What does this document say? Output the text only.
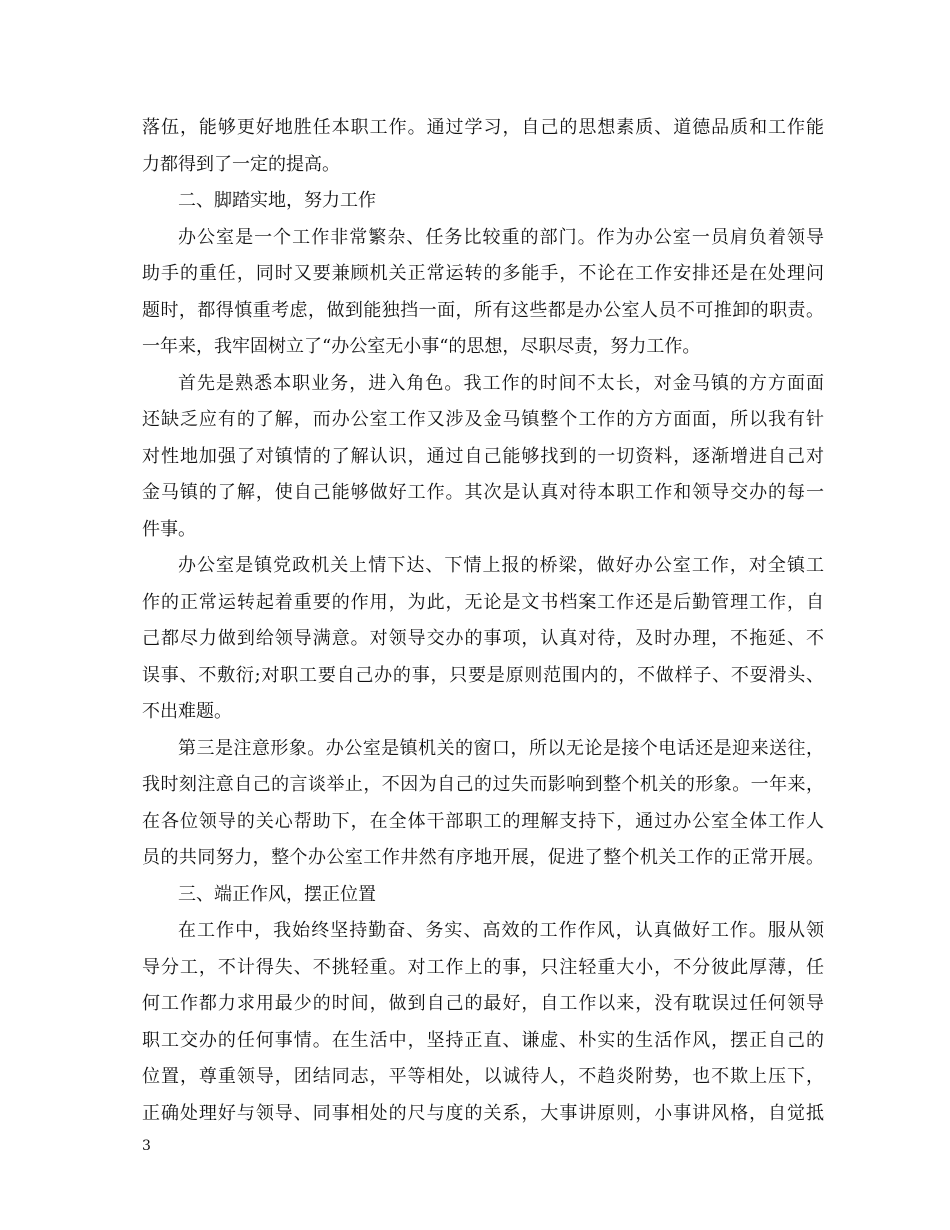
落伍，能够更好地胜任本职工作。通过学习，自己的思想素质、道德品质和工作能
力都得到了一定的提高。
二、脚踏实地，努力工作
办公室是一个工作非常繁杂、任务比较重的部门。作为办公室一员肩负着领导
助手的重任，同时又要兼顾机关正常运转的多能手，不论在工作安排还是在处理问
题时，都得慎重考虑，做到能独挡一面，所有这些都是办公室人员不可推卸的职责。
一年来，我牢固树立了“办公室无小事“的思想，尽职尽责，努力工作。
首先是熟悉本职业务，进入角色。我工作的时间不太长，对金马镇的方方面面
还缺乏应有的了解，而办公室工作又涉及金马镇整个工作的方方面面，所以我有针
对性地加强了对镇情的了解认识，通过自己能够找到的一切资料，逐渐增进自己对
金马镇的了解，使自己能够做好工作。其次是认真对待本职工作和领导交办的每一
件事。
办公室是镇党政机关上情下达、下情上报的桥梁，做好办公室工作，对全镇工
作的正常运转起着重要的作用，为此，无论是文书档案工作还是后勤管理工作，自
己都尽力做到给领导满意。对领导交办的事项，认真对待，及时办理，不拖延、不
误事、不敷衍;对职工要自己办的事，只要是原则范围内的，不做样子、不耍滑头、
不出难题。
第三是注意形象。办公室是镇机关的窗口，所以无论是接个电话还是迎来送往，
我时刻注意自己的言谈举止，不因为自己的过失而影响到整个机关的形象。一年来，
在各位领导的关心帮助下，在全体干部职工的理解支持下，通过办公室全体工作人
员的共同努力，整个办公室工作井然有序地开展，促进了整个机关工作的正常开展。
三、端正作风，摆正位置
在工作中，我始终坚持勤奋、务实、高效的工作作风，认真做好工作。服从领
导分工，不计得失、不挑轻重。对工作上的事，只注轻重大小，不分彼此厚薄，任
何工作都力求用最少的时间，做到自己的最好，自工作以来，没有耽误过任何领导
职工交办的任何事情。在生活中，坚持正直、谦虚、朴实的生活作风，摆正自己的
位置，尊重领导，团结同志，平等相处，以诚待人，不趋炎附势，也不欺上压下，
正确处理好与领导、同事相处的尺与度的关系，大事讲原则，小事讲风格，自觉抵
3
